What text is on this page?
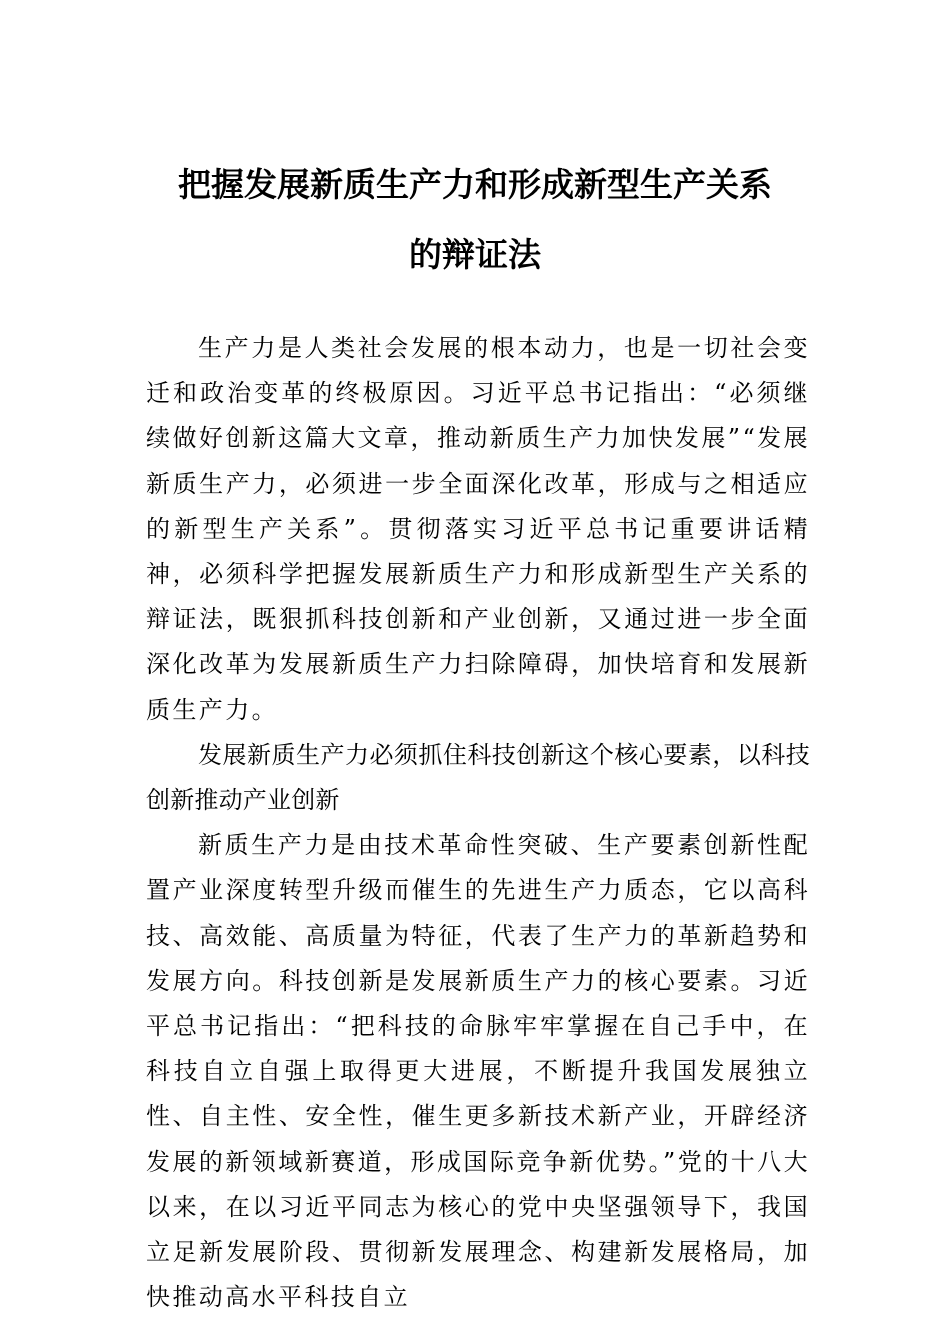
把握发展新质生产力和形成新型生产关系
的辩证法

生产力是人类社会发展的根本动力，也是一切社会变迁和政治变革的终极原因。习近平总书记指出：“必须继续做好创新这篇大文章，推动新质生产力加快发展”“发展新质生产力，必须进一步全面深化改革，形成与之相适应的新型生产关系”。贯彻落实习近平总书记重要讲话精神，必须科学把握发展新质生产力和形成新型生产关系的辩证法，既狠抓科技创新和产业创新，又通过进一步全面深化改革为发展新质生产力扫除障碍，加快培育和发展新质生产力。

发展新质生产力必须抓住科技创新这个核心要素，以科技创新推动产业创新

新质生产力是由技术革命性突破、生产要素创新性配置产业深度转型升级而催生的先进生产力质态，它以高科技、高效能、高质量为特征，代表了生产力的革新趋势和发展方向。科技创新是发展新质生产力的核心要素。习近平总书记指出：“把科技的命脉牢牢掌握在自己手中，在科技自立自强上取得更大进展，不断提升我国发展独立性、自主性、安全性，催生更多新技术新产业，开辟经济发展的新领域新赛道，形成国际竞争新优势。”党的十八大以来，在以习近平同志为核心的党中央坚强领导下，我国立足新发展阶段、贯彻新发展理念、构建新发展格局，加快推动高水平科技自立
